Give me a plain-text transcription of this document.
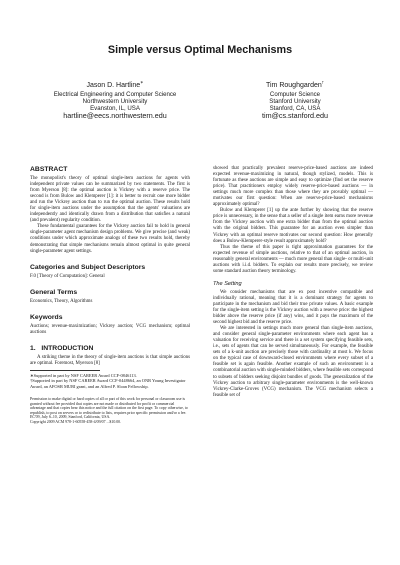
Simple versus Optimal Mechanisms
Jason D. Hartline∗
Electrical Engineering and Computer Science
Northwestern University
Evanston, IL, USA
hartline@eecs.northwestern.edu
Tim Roughgarden†
Computer Science
Stanford University
Stanford, CA, USA
tim@cs.stanford.edu
ABSTRACT

The monopolist's theory of optimal single-item auctions for agents with independent private values can be summarized by two statements. The first is from Myerson [8]: the optimal auction is Vickrey with a reserve price. The second is from Bulow and Klemperer [1]: it is better to recruit one more bidder and run the Vickrey auction than to run the optimal auction. These results hold for single-item auctions under the assumption that the agents' valuations are independently and identically drawn from a distribution that satisfies a natural (and prevalent) regularity condition.

These fundamental guarantees for the Vickrey auction fail to hold in general single-parameter agent mechanism design problems. We give precise (and weak) conditions under which approximate analogs of these two results hold, thereby demonstrating that simple mechanisms remain almost optimal in quite general single-parameter agent settings.

Categories and Subject Descriptors

F.0 [Theory of Computation]: General

General Terms

Economics, Theory, Algorithms

Keywords

Auctions; revenue-maximization; Vickrey auction; VCG mechanism; optimal auctions

1. INTRODUCTION

A striking theme in the theory of single-item auctions is that simple auctions are optimal. Foremost, Myerson [8]

∗Supported in part by NSF CAREER Award CCF-0846113.

†Supported in part by NSF CAREER Award CCF-0448664, an ONR Young Investigator Award, an AFOSR MURI grant, and an Alfred P. Sloan Fellowship.

Permission to make digital or hard copies of all or part of this work for personal or classroom use is granted without fee provided that copies are not made or distributed for profit or commercial advantage and that copies bear this notice and the full citation on the first page. To copy otherwise, to republish, to post on servers or to redistribute to lists, requires prior specific permission and/or a fee.

EC'09, July 6–10, 2009, Stanford, California, USA.

Copyright 2009 ACM 978-1-60558-458-4/09/07 ...$10.00.

showed that practically prevalent reserve-price-based auctions are indeed expected revenue-maximizing in natural, though stylized, models. This is fortunate as these auctions are simple and easy to optimize (find set the reserve price). That practitioners employ widely reserve-price-based auctions — in settings much more complex than those where they are provably optimal — motivates our first question: When are reserve-price-based mechanisms approximately optimal?

Bulow and Klemperer [1] up the ante further by showing that the reserve price is unnecessary, in the sense that a seller of a single item earns more revenue from the Vickrey auction with one extra bidder than from the optimal auction with the original bidders. This guarantee for an auction even simpler than Vickrey with an optimal reserve motivates our second question: How generally does a Bulow-Klemperer-style result approximately hold?

Thus the theme of this paper is tight approximation guarantees for the expected revenue of simple auctions, relative to that of an optimal auction, in reasonably general environments — much more general than single- or multi-unit auctions with i.i.d. bidders. To explain our results more precisely, we review some standard auction theory terminology.

The Setting

We consider mechanisms that are ex post incentive compatible and individually rational, meaning that it is a dominant strategy for agents to participate in the mechanism and bid their true private values. A basic example for the single-item setting is the Vickrey auction with a reserve price: the highest bidder above the reserve price (if any) wins, and it pays the maximum of the second highest bid and the reserve price.

We are interested in settings much more general than single-item auctions, and consider general single-parameter environments where each agent has a valuation for receiving service and there is a set system specifying feasible sets, i.e., sets of agents that can be served simultaneously. For example, the feasible sets of a k-unit auction are precisely those with cardinality at most k. We focus on the typical case of downward-closed environments where every subset of a feasible set is again feasible. Another example of such an environment is a combinatorial auction with single-minded bidders, where feasible sets correspond to subsets of bidders seeking disjoint bundles of goods. The generalization of the Vickrey auction to arbitrary single-parameter environments is the well-known Vickrey-Clarke-Groves (VCG) mechanism. The VCG mechanism selects a feasible set of
